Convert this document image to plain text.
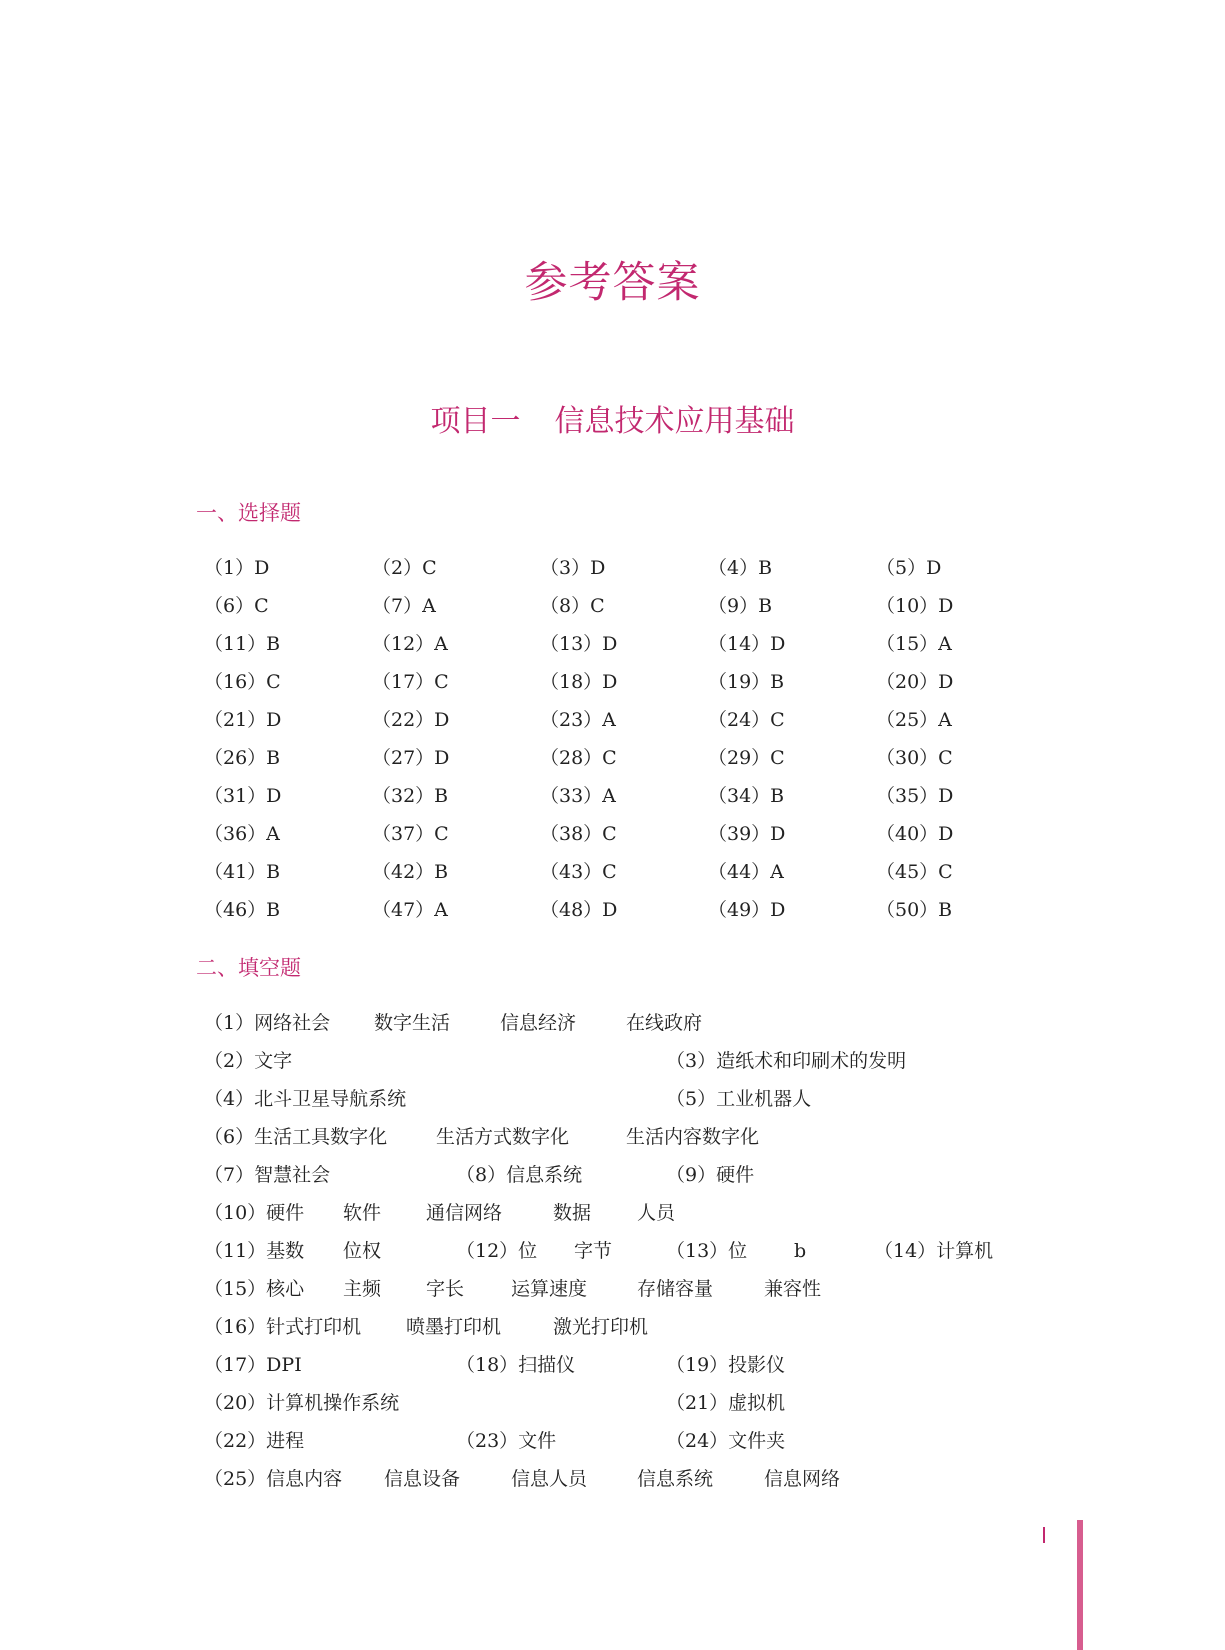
参考答案
项目一 信息技术应用基础
一、选择题
（1）D	（2）C	（3）D	（4）B	（5）D
（6）C	（7）A	（8）C	（9）B	（10）D
（11）B	（12）A	（13）D	（14）D	（15）A
（16）C	（17）C	（18）D	（19）B	（20）D
（21）D	（22）D	（23）A	（24）C	（25）A
（26）B	（27）D	（28）C	（29）C	（30）C
（31）D	（32）B	（33）A	（34）B	（35）D
（36）A	（37）C	（38）C	（39）D	（40）D
（41）B	（42）B	（43）C	（44）A	（45）C
（46）B	（47）A	（48）D	（49）D	（50）B
二、填空题
（1）网络社会 数字生活	信息经济	在线政府
（2）文字	（3）造纸术和印刷术的发明
（4）北斗卫星导航系统	（5）工业机器人
（6）生活工具数字化	生活方式数字化	生活内容数字化
（7）智慧社会	（8）信息系统	（9）硬件
（10）硬件 软件 通信网络	数据 人员
（11）基数 位权	（12）位 字节	（13）位 b	（14）计算机
（15）核心 主频 字长 运算速度	存储容量	兼容性
（16）针式打印机 喷墨打印机	激光打印机
（17）DPI	（18）扫描仪	（19）投影仪
（20）计算机操作系统	（21）虚拟机
（22）进程	（23）文件	（24）文件夹
（25）信息内容 信息设备	信息人员	信息系统	信息网络
